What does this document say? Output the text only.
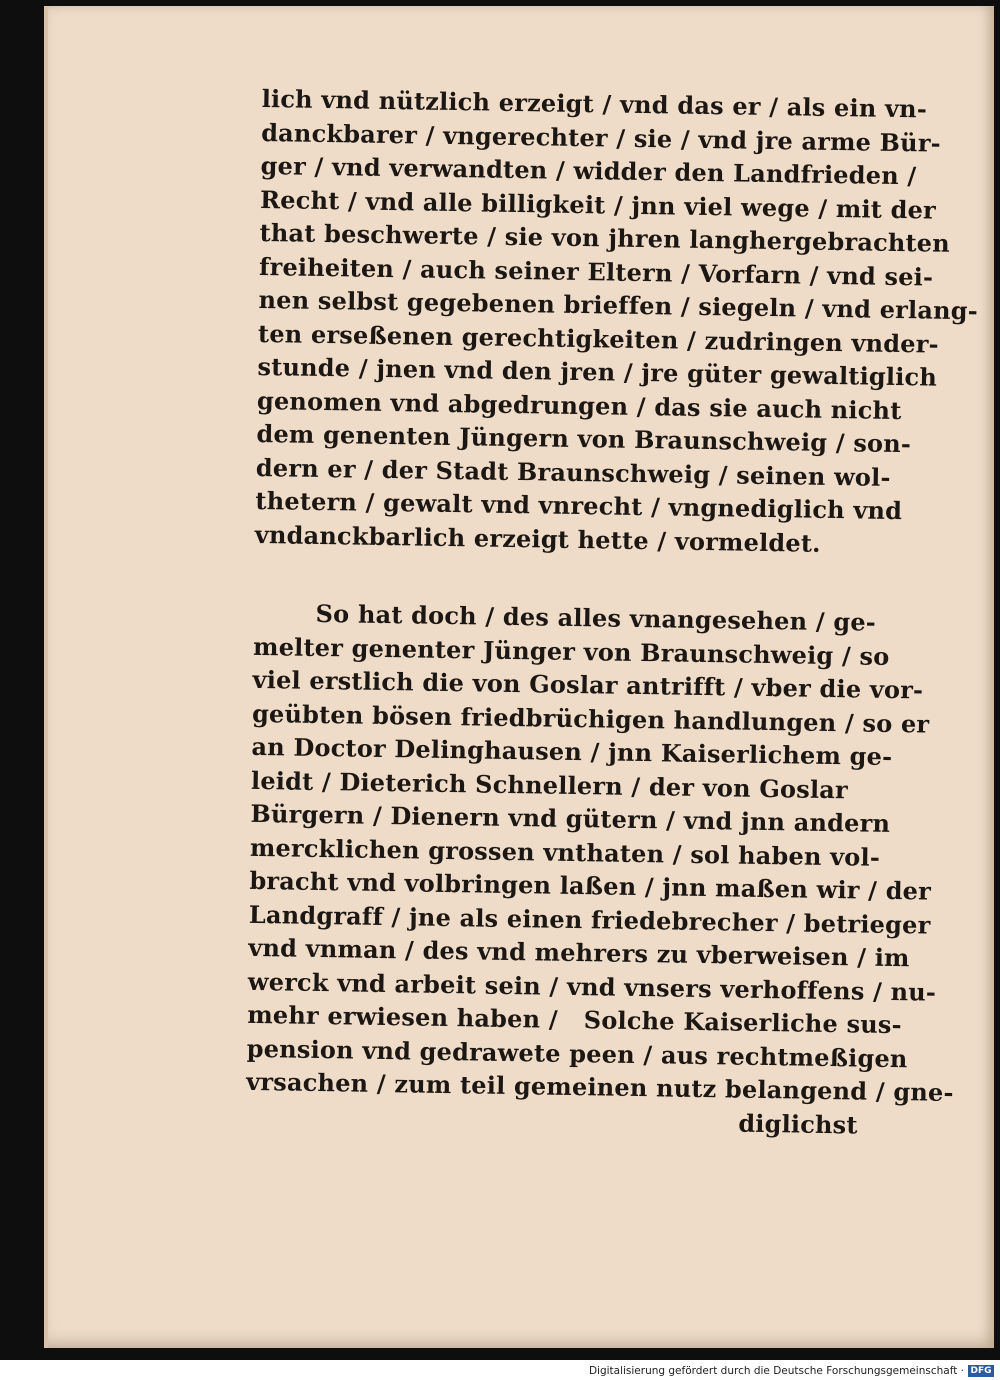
lich vnd nützlich erzeigt / vnd das er / als ein vn-
danckbarer / vngerechter / sie / vnd jre arme Bür-
ger / vnd verwandten / widder den Landfrieden /
Recht / vnd alle billigkeit / jnn viel wege / mit der
that beschwerte / sie von jhren langhergebrachten
freiheiten / auch seiner Eltern / Vorfarn / vnd sei-
nen selbst gegebenen brieffen / siegeln / vnd erlang-
ten erseßenen gerechtigkeiten / zudringen vnder-
stunde / jnen vnd den jren / jre güter gewaltiglich
genomen vnd abgedrungen / das sie auch nicht
dem genenten Jüngern von Braunschweig / son-
dern er / der Stadt Braunschweig / seinen wol-
thetern / gewalt vnd vnrecht / vngnediglich vnd
vndanckbarlich erzeigt hette / vormeldet.
So hat doch / des alles vnangesehen / ge-
melter genenter Jünger von Braunschweig / so
viel erstlich die von Goslar antrifft / vber die vor-
geübten bösen friedbrüchigen handlungen / so er
an Doctor Delinghausen / jnn Kaiserlichem ge-
leidt / Dieterich Schnellern / der von Goslar
Bürgern / Dienern vnd gütern / vnd jnn andern
mercklichen grossen vnthaten / sol haben vol-
bracht vnd volbringen laßen / jnn maßen wir / der
Landgraff / jne als einen friedebrecher / betrieger
vnd vnman / des vnd mehrers zu vberweisen / im
werck vnd arbeit sein / vnd vnsers verhoffens / nu-
mehr erwiesen haben / Solche Kaiserliche sus-
pension vnd gedrawete peen / aus rechtmeßigen
vrsachen / zum teil gemeinen nutz belangend / gne-
diglichst
Digitalisierung gefördert durch die Deutsche Forschungsgemeinschaft · DFG
